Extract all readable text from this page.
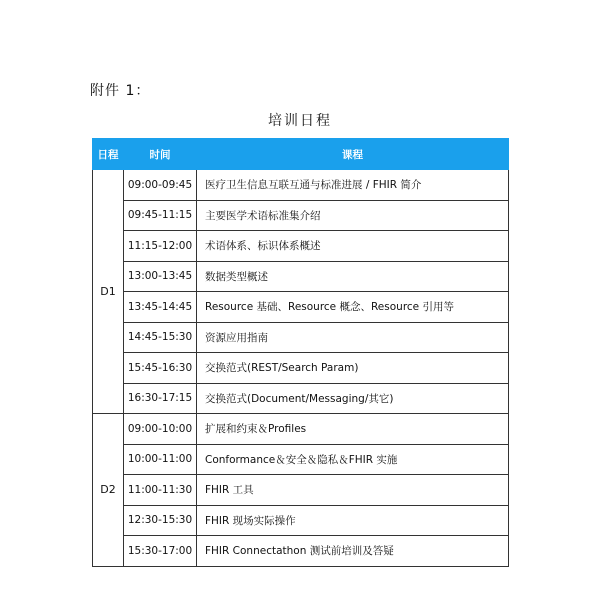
附件 1：
培训日程
日程	时间	课程
D1	09:00-09:45	医疗卫生信息互联互通与标准进展 / FHIR 简介
	09:45-11:15	主要医学术语标准集介绍
	11:15-12:00	术语体系、标识体系概述
	13:00-13:45	数据类型概述
	13:45-14:45	Resource 基础、Resource 概念、Resource 引用等
	14:45-15:30	资源应用指南
	15:45-16:30	交换范式(REST/Search Param)
	16:30-17:15	交换范式(Document/Messaging/其它)
D2	09:00-10:00	扩展和约束＆Profiles
	10:00-11:00	Conformance＆安全＆隐私＆FHIR 实施
	11:00-11:30	FHIR 工具
	12:30-15:30	FHIR 现场实际操作
	15:30-17:00	FHIR Connectathon 测试前培训及答疑
